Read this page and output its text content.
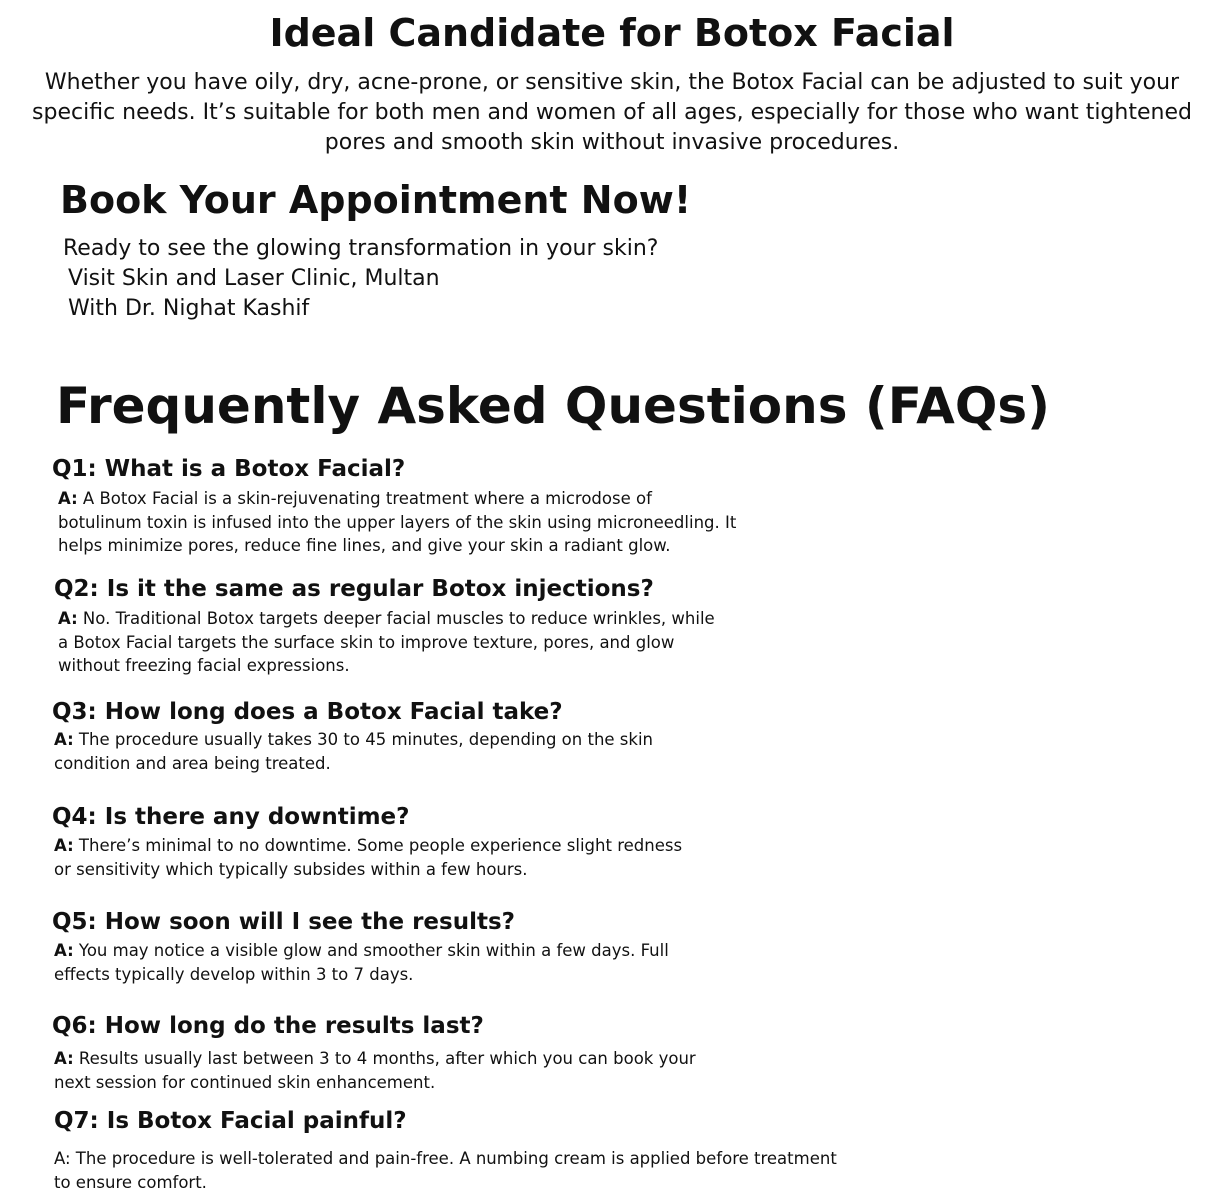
Ideal Candidate for Botox Facial

Whether you have oily, dry, acne-prone, or sensitive skin, the Botox Facial can be adjusted to suit your specific needs. It’s suitable for both men and women of all ages, especially for those who want tightened pores and smooth skin without invasive procedures.

Book Your Appointment Now!
Ready to see the glowing transformation in your skin?
Visit Skin and Laser Clinic, Multan
With Dr. Nighat Kashif
Frequently Asked Questions (FAQs)
Q1: What is a Botox Facial?

A: A Botox Facial is a skin-rejuvenating treatment where a microdose of botulinum toxin is infused into the upper layers of the skin using microneedling. It helps minimize pores, reduce fine lines, and give your skin a radiant glow.

Q2: Is it the same as regular Botox injections?

A: No. Traditional Botox targets deeper facial muscles to reduce wrinkles, while a Botox Facial targets the surface skin to improve texture, pores, and glow without freezing facial expressions.

Q3: How long does a Botox Facial take?

A: The procedure usually takes 30 to 45 minutes, depending on the skin condition and area being treated.

Q4: Is there any downtime?

A: There’s minimal to no downtime. Some people experience slight redness or sensitivity which typically subsides within a few hours.

Q5: How soon will I see the results?

A: You may notice a visible glow and smoother skin within a few days. Full effects typically develop within 3 to 7 days.

Q6: How long do the results last?

A: Results usually last between 3 to 4 months, after which you can book your next session for continued skin enhancement.

Q7: Is Botox Facial painful?

A: The procedure is well-tolerated and pain-free. A numbing cream is applied before treatment to ensure comfort.
